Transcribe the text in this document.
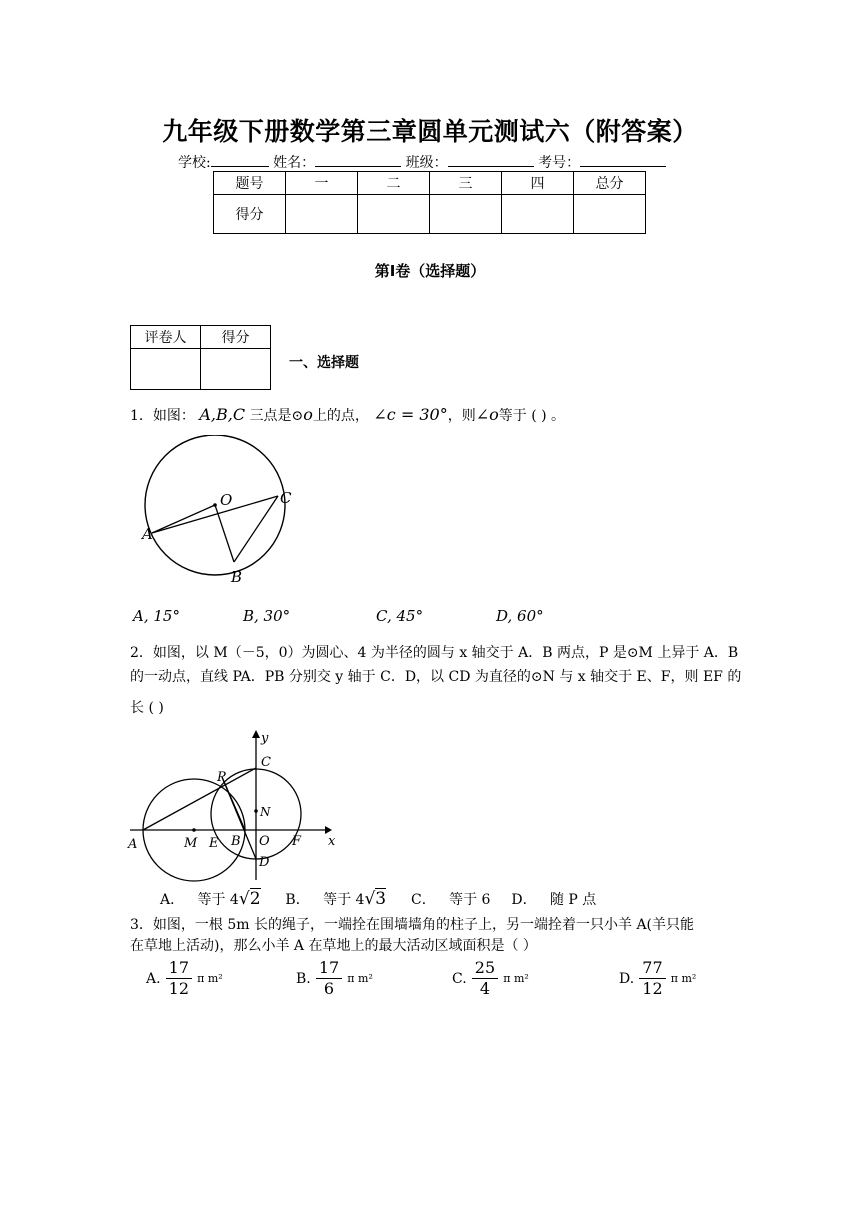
九年级下册数学第三章圆单元测试六（附答案）
学校:	姓名：	班级：	考号：
题号	一	二	三	四	总分
得分					
第Ⅰ卷（选择题）
评卷人	得分

一、选择题
1．如图： A,B,C 三点是⊙o上的点， ∠c = 30°，则∠o等于 ( ) 。
O	C
A
B
A, 15°	B, 30°	C, 45°	D, 60°
2．如图，以 M（－5，0）为圆心、4 为半径的圆与 x 轴交于 A．B 两点，P 是⊙M 上异于 A．B
的一动点，直线 PA．PB 分别交 y 轴于 C．D，以 CD 为直径的⊙N 与 x 轴交于 E、F，则 EF 的
长 ( )
y
x
C
P
N
A	M E B O F
D
A． 等于 4√2 B． 等于 4√3 C． 等于 6 D． 随 P 点
3．如图，一根 5m 长的绳子，一端拴在围墙墙角的柱子上，另一端拴着一只小羊 A(羊只能
在草地上活动)，那么小羊 A 在草地上的最大活动区域面积是（ ）
A. $\frac{17}{12}$ π m²	B. $\frac{17}{6}$ π m²	C. $\frac{25}{4}$ π m²	D. $\frac{77}{12}$ π m²
